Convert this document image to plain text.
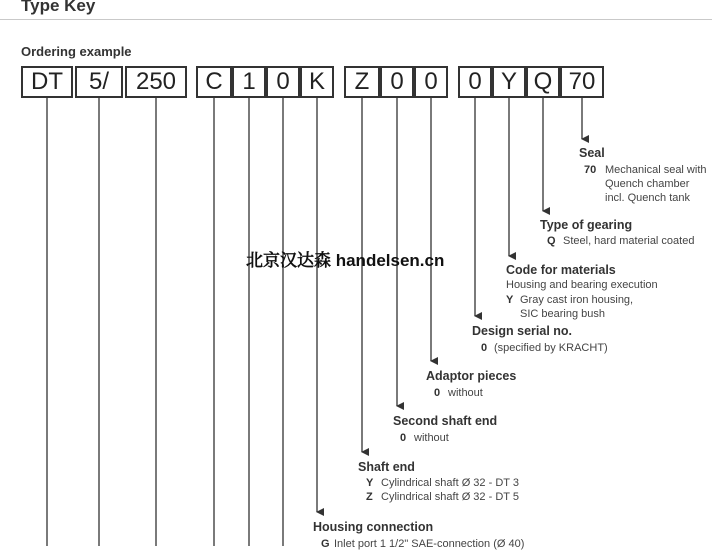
Type Key
Ordering example
DT	5/	250	C 1 0 K	Z 0 0	0 Y Q 70
Seal
70 Mechanical seal with
Quench chamber
incl. Quench tank
Type of gearing
Q Steel, hard material coated
Code for materials
Housing and bearing execution
Y Gray cast iron housing,
SIC bearing bush
Design serial no.
0 (specified by KRACHT)
Adaptor pieces
0 without
Second shaft end
0 without
Shaft end
Y Cylindrical shaft Ø 32 - DT 3
Z Cylindrical shaft Ø 32 - DT 5
Housing connection
G Inlet port 1 1/2" SAE-connection (Ø 40)
北京汉达森 handelsen.cn
